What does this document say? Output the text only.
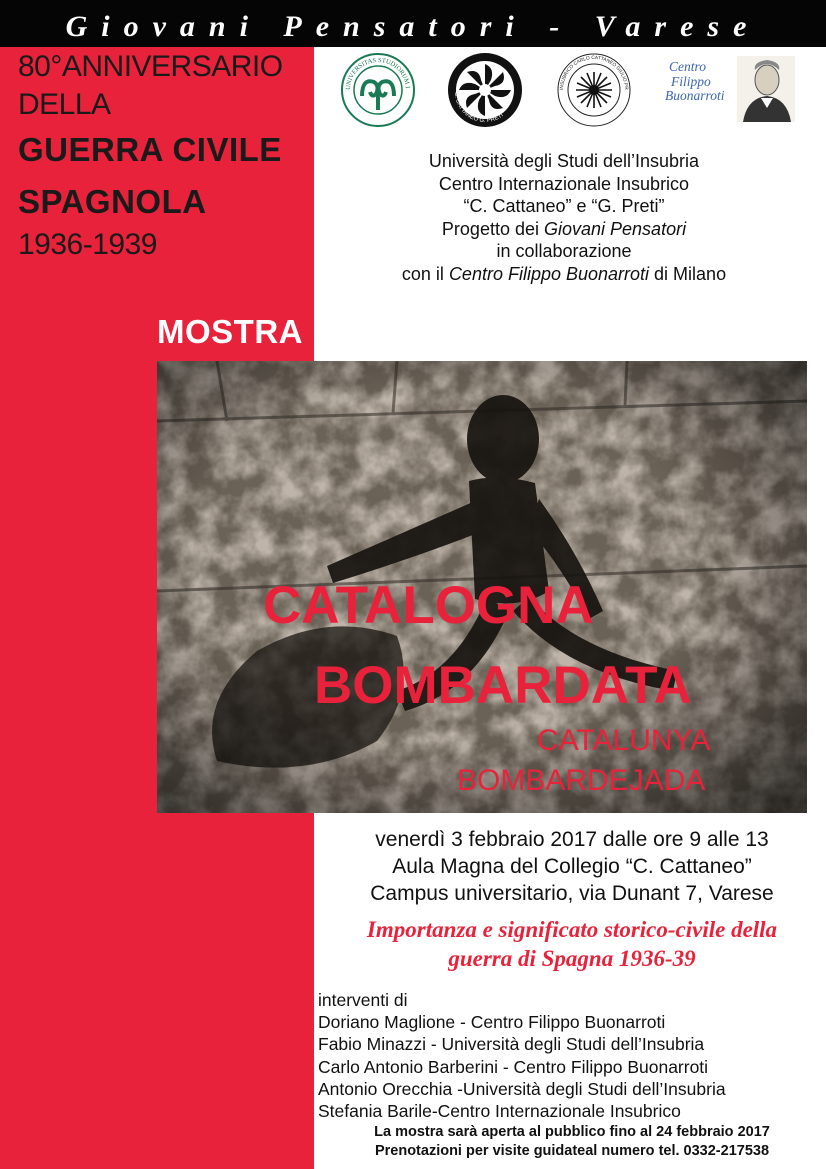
Giovani Pensatori - Varese
80°ANNIVERSARIO
DELLA
GUERRA CIVILE
SPAGNOLA
1936-1939
MOSTRA
UNIVERSITAS STUDIORUM I
C. CATTANEO G. PRETI
INSUBRICO CARLO CATTANEO GIULIO PR
Centro
Filippo
Buonarroti
Università degli Studi dell’Insubria
Centro Internazionale Insubrico
“C. Cattaneo” e “G. Preti”
Progetto dei Giovani Pensatori
in collaborazione
con il Centro Filippo Buonarroti di Milano
CATALOGNA
BOMBARDATA
CATALUNYA
BOMBARDEJADA
venerdì 3 febbraio 2017 dalle ore 9 alle 13
Aula Magna del Collegio “C. Cattaneo”
Campus universitario, via Dunant 7, Varese
Importanza e significato storico-civile della
guerra di Spagna 1936-39
interventi di
Doriano Maglione - Centro Filippo Buonarroti
Fabio Minazzi - Università degli Studi dell’Insubria
Carlo Antonio Barberini - Centro Filippo Buonarroti
Antonio Orecchia -Università degli Studi dell’Insubria
Stefania Barile-Centro Internazionale Insubrico
La mostra sarà aperta al pubblico fino al 24 febbraio 2017
Prenotazioni per visite guidateal numero tel. 0332-217538
